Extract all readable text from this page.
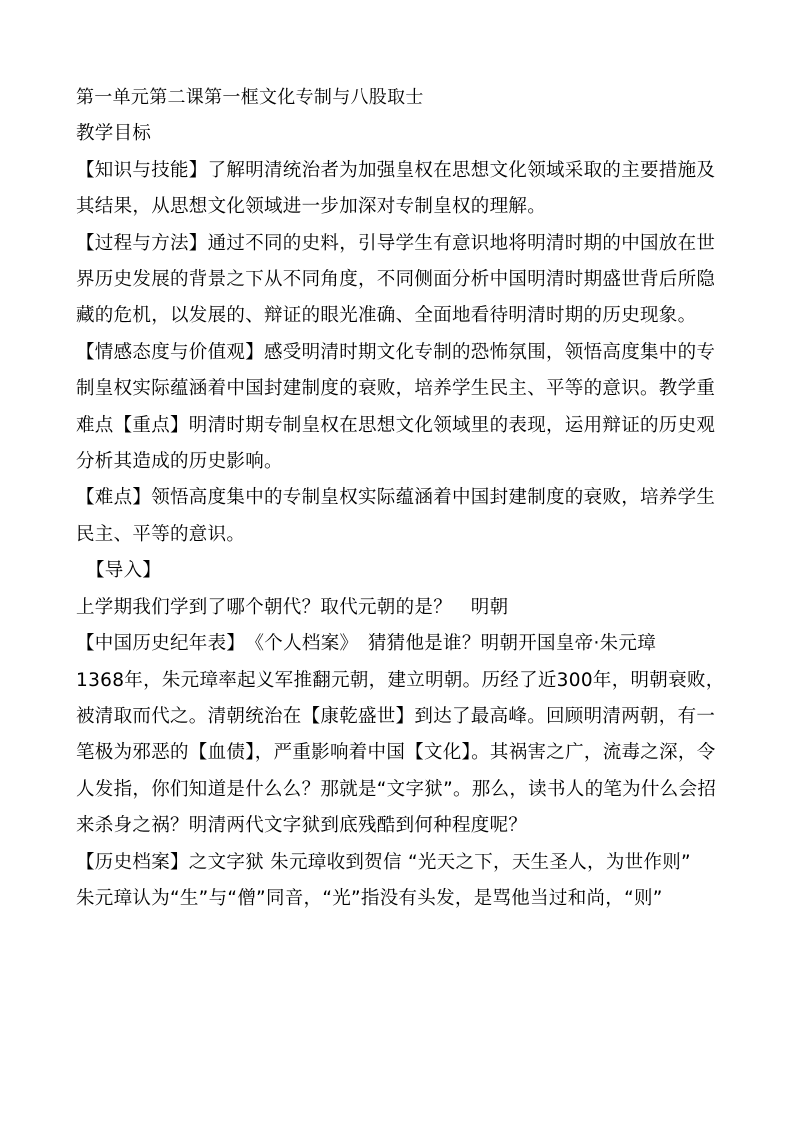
第一单元第二课第一框文化专制与八股取士

教学目标

【知识与技能】了解明清统治者为加强皇权在思想文化领域采取的主要措施及

其结果，从思想文化领域进一步加深对专制皇权的理解。

【过程与方法】通过不同的史料，引导学生有意识地将明清时期的中国放在世

界历史发展的背景之下从不同角度，不同侧面分析中国明清时期盛世背后所隐

藏的危机，以发展的、辩证的眼光准确、全面地看待明清时期的历史现象。

【情感态度与价值观】感受明清时期文化专制的恐怖氛围，领悟高度集中的专

制皇权实际蕴涵着中国封建制度的衰败，培养学生民主、平等的意识。教学重

难点【重点】明清时期专制皇权在思想文化领域里的表现，运用辩证的历史观

分析其造成的历史影响。

【难点】领悟高度集中的专制皇权实际蕴涵着中国封建制度的衰败，培养学生

民主、平等的意识。

【导入】

上学期我们学到了哪个朝代？取代元朝的是？　明朝

【中国历史纪年表】　《个人档案》　猜猜他是谁？明朝开国皇帝·朱元璋

1368年，朱元璋率起义军推翻元朝，建立明朝。历经了近300年，明朝衰败，

被清取而代之。清朝统治在【康乾盛世】到达了最高峰。回顾明清两朝，有一

笔极为邪恶的【血债】，严重影响着中国【文化】。其祸害之广，流毒之深，令

人发指，你们知道是什么么？那就是“文字狱”。那么，读书人的笔为什么会招

来杀身之祸？明清两代文字狱到底残酷到何种程度呢？

【历史档案】之文字狱 朱元璋收到贺信 “光天之下，天生圣人，为世作则”

朱元璋认为“生”与“僧”同音，“光”指没有头发，是骂他当过和尚，“则”
